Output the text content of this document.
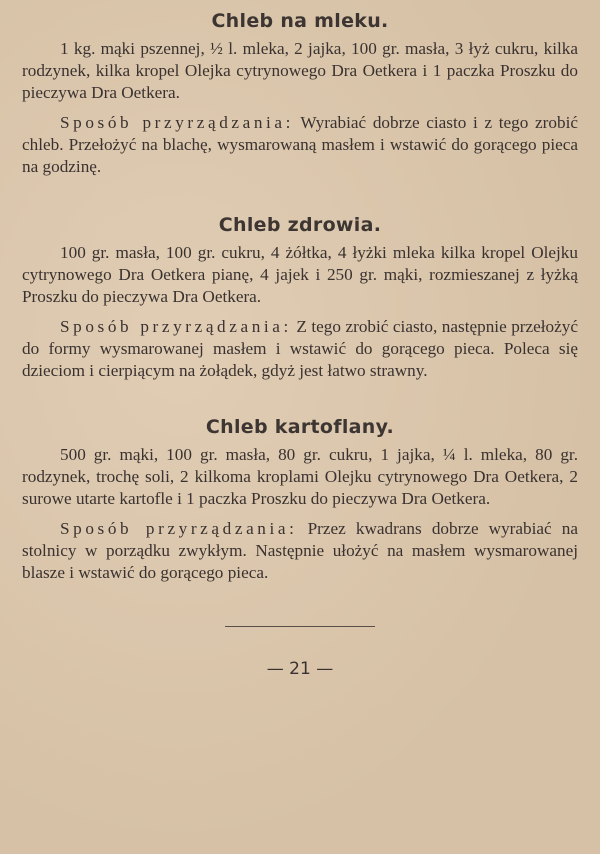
Chleb na mleku.

1 kg. mąki pszennej, ½ l. mleka, 2 jajka, 100 gr. masła, 3 łyż cukru, kilka rodzynek, kilka kropel Olejka cytrynowego Dra Oetkera i 1 paczka Proszku do pieczywa Dra Oetkera.

Sposób przyrządzania: Wyrabiać dobrze ciasto i z tego zrobić chleb. Przełożyć na blachę, wysmarowaną masłem i wstawić do gorącego pieca na godzinę.

Chleb zdrowia.

100 gr. masła, 100 gr. cukru, 4 żółtka, 4 łyżki mleka kilka kropel Olejku cytrynowego Dra Oetkera pianę, 4 jajek i 250 gr. mąki, rozmieszanej z łyżką Proszku do pieczywa Dra Oetkera.

Sposób przyrządzania: Z tego zrobić ciasto, następnie przełożyć do formy wysmarowanej masłem i wstawić do gorącego pieca. Poleca się dzieciom i cierpiącym na żołądek, gdyż jest łatwo strawny.

Chleb kartoflany.

500 gr. mąki, 100 gr. masła, 80 gr. cukru, 1 jajka, ¼ l. mleka, 80 gr. rodzynek, trochę soli, 2 kilkoma kroplami Olejku cytrynowego Dra Oetkera, 2 surowe utarte kartofle i 1 paczka Proszku do pieczywa Dra Oetkera.

Sposób przyrządzania: Przez kwadrans dobrze wyrabiać na stolnicy w porządku zwykłym. Następnie ułożyć na masłem wysmarowanej blasze i wstawić do gorącego pieca.

— 21 —
